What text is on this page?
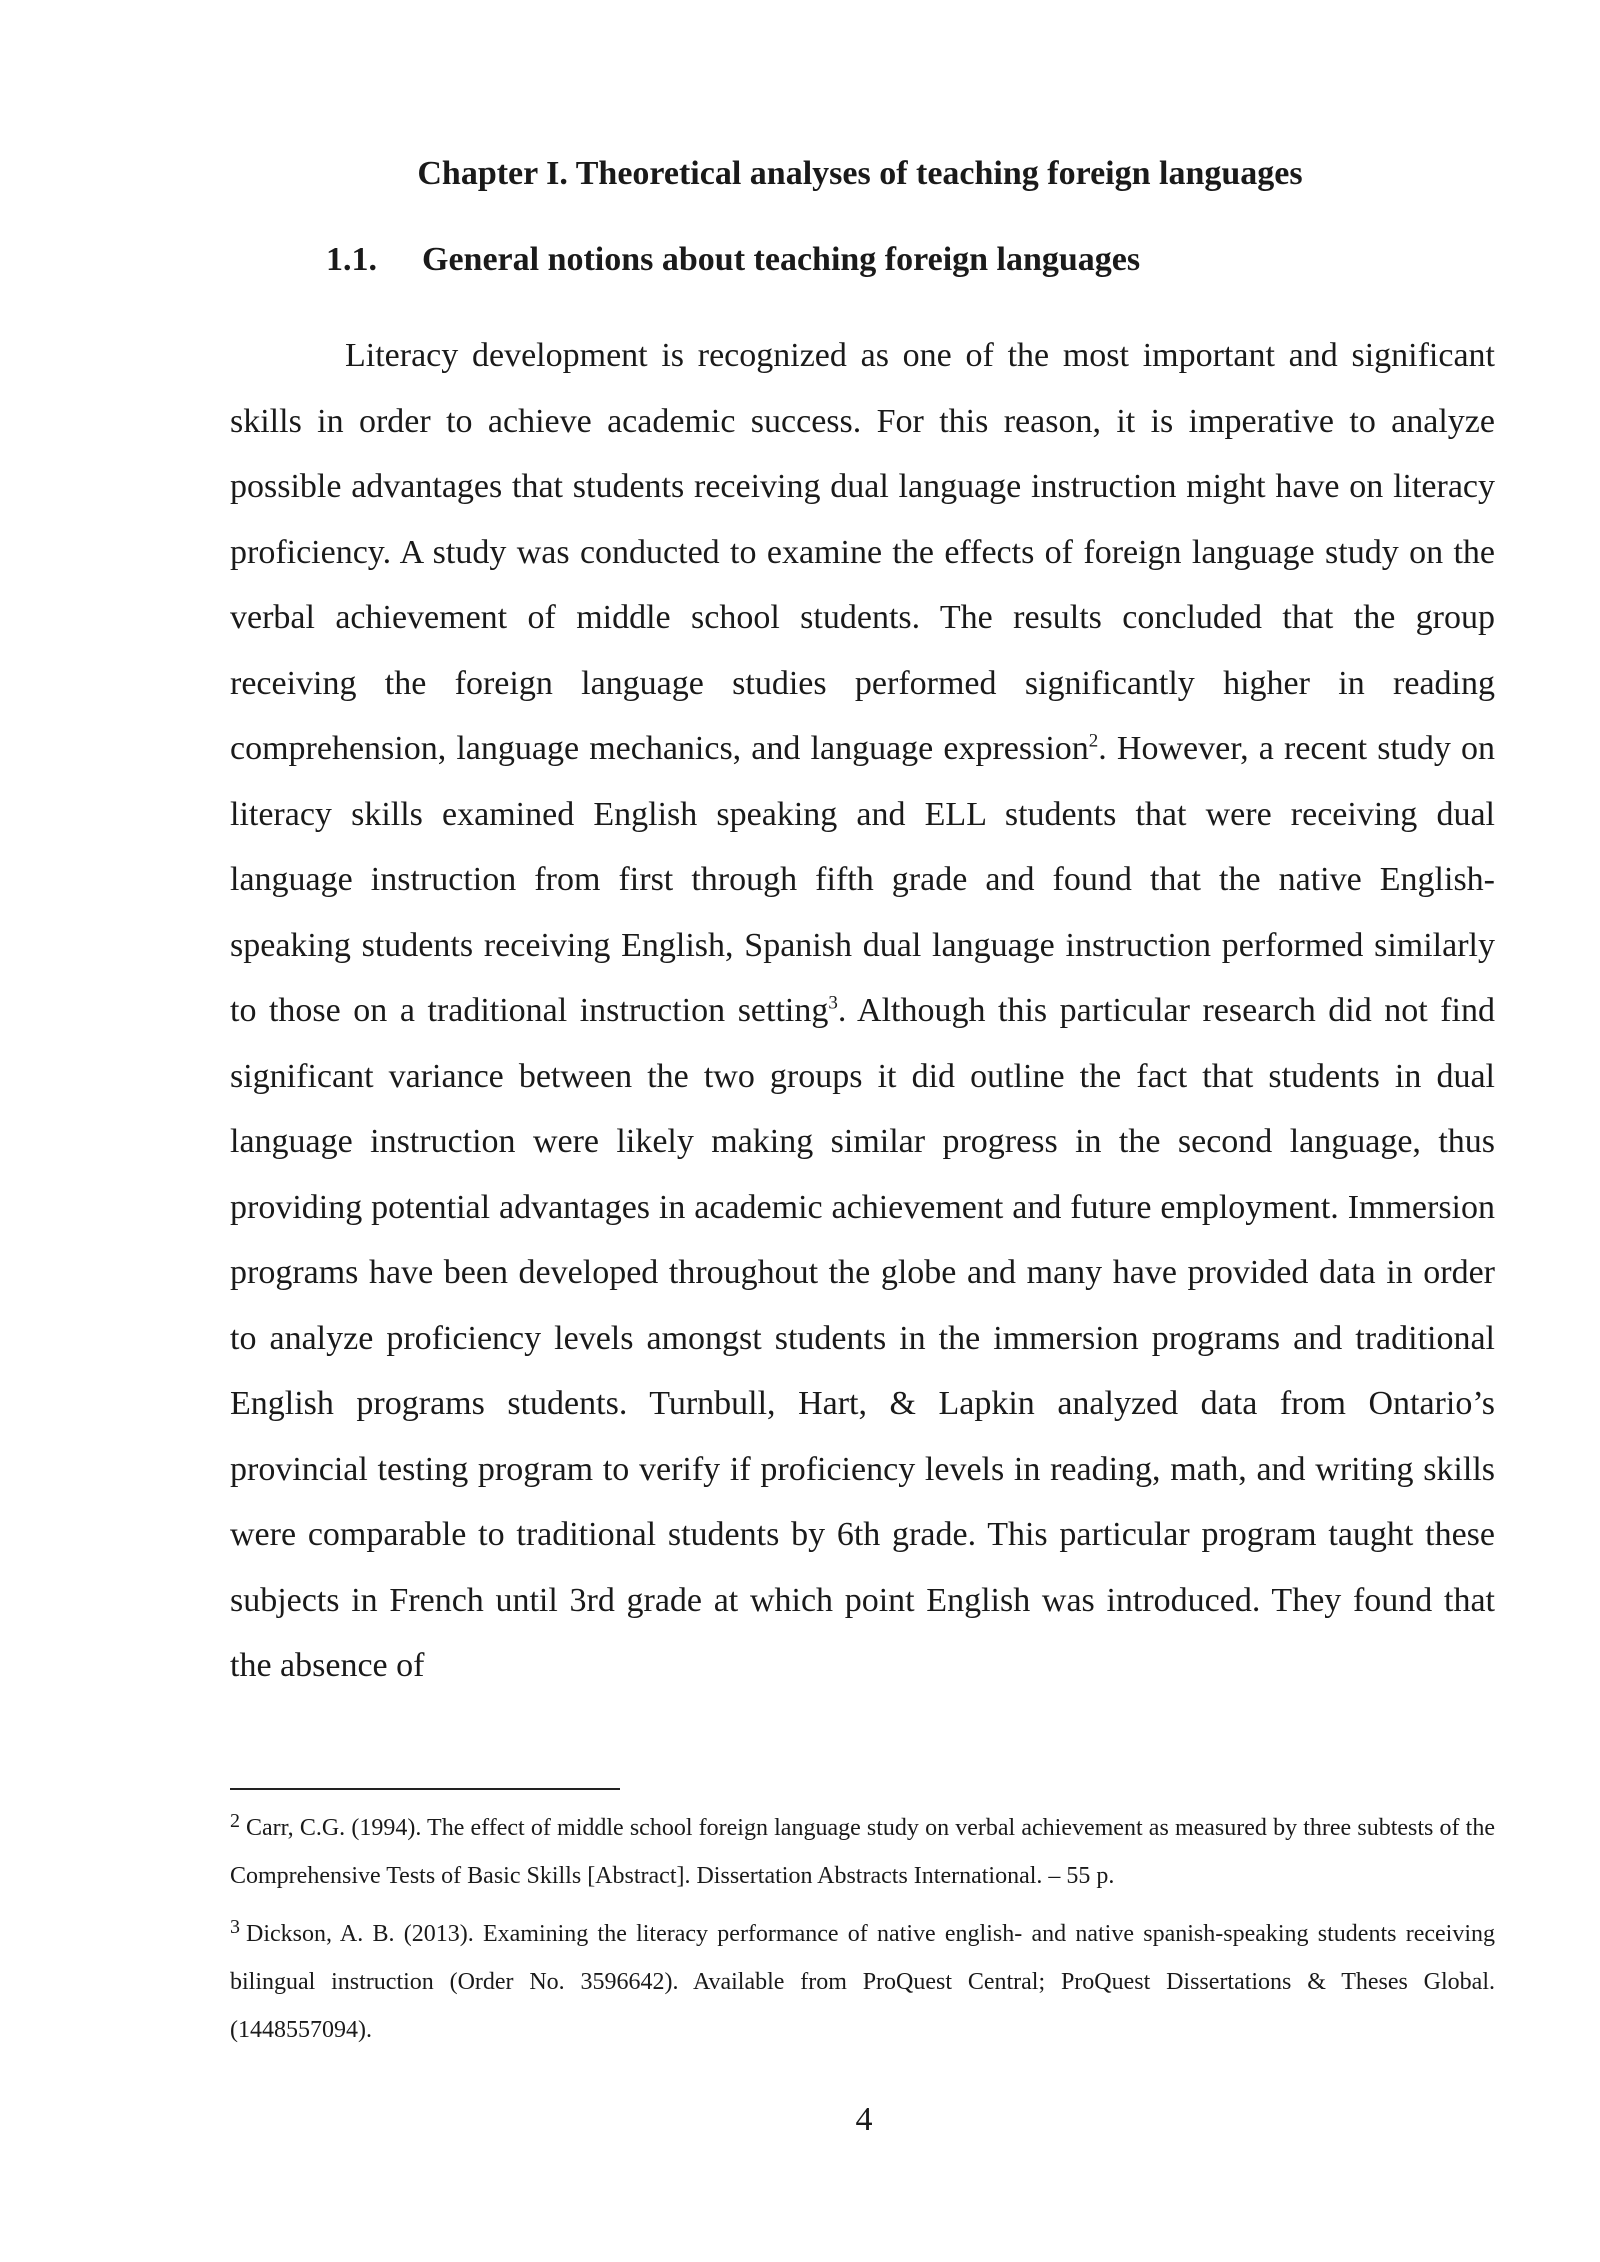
Chapter I. Theoretical analyses of teaching foreign languages
1.1. General notions about teaching foreign languages

Literacy development is recognized as one of the most important and significant skills in order to achieve academic success. For this reason, it is imperative to analyze possible advantages that students receiving dual language instruction might have on literacy proficiency. A study was conducted to examine the effects of foreign language study on the verbal achievement of middle school students. The results concluded that the group receiving the foreign language studies performed significantly higher in reading comprehension, language mechanics, and language expression$^2$. However, a recent study on literacy skills examined English speaking and ELL students that were receiving dual language instruction from first through fifth grade and found that the native English-speaking students receiving English, Spanish dual language instruction performed similarly to those on a traditional instruction setting$^3$. Although this particular research did not find significant variance between the two groups it did outline the fact that students in dual language instruction were likely making similar progress in the second language, thus providing potential advantages in academic achievement and future employment. Immersion programs have been developed throughout the globe and many have provided data in order to analyze proficiency levels amongst students in the immersion programs and traditional English programs students. Turnbull, Hart, & Lapkin analyzed data from Ontario’s provincial testing program to verify if proficiency levels in reading, math, and writing skills were comparable to traditional students by 6th grade. This particular program taught these subjects in French until 3rd grade at which point English was introduced. They found that the absence of

$^2$ Carr, C.G. (1994). The effect of middle school foreign language study on verbal achievement as measured by three subtests of the Comprehensive Tests of Basic Skills [Abstract]. Dissertation Abstracts International. – 55 p.

$^3$ Dickson, A. B. (2013). Examining the literacy performance of native english- and native spanish-speaking students receiving bilingual instruction (Order No. 3596642). Available from ProQuest Central; ProQuest Dissertations & Theses Global. (1448557094).

4
